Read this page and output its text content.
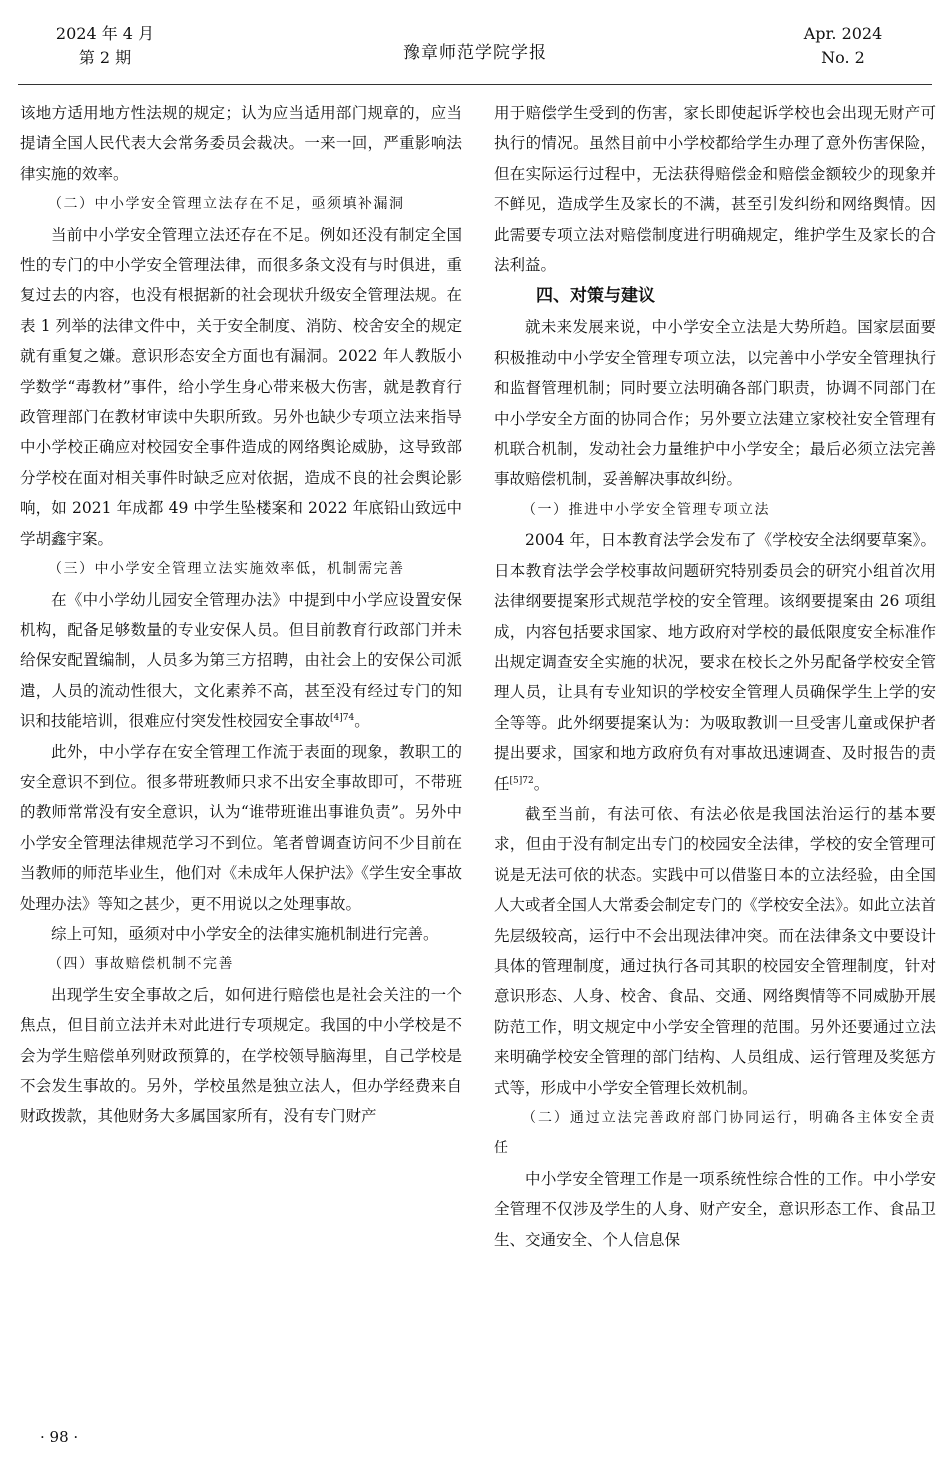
2024 年 4 月
第 2 期	豫章师范学院学报
Apr. 2024
No. 2

该地方适用地方性法规的规定；认为应当适用部门规章的，应当提请全国人民代表大会常务委员会裁决。一来一回，严重影响法律实施的效率。

（二）中小学安全管理立法存在不足，亟须填补漏洞

当前中小学安全管理立法还存在不足。例如还没有制定全国性的专门的中小学安全管理法律，而很多条文没有与时俱进，重复过去的内容，也没有根据新的社会现状升级安全管理法规。在表 1 列举的法律文件中，关于安全制度、消防、校舍安全的规定就有重复之嫌。意识形态安全方面也有漏洞。2022 年人教版小学数学“毒教材”事件，给小学生身心带来极大伤害，就是教育行政管理部门在教材审读中失职所致。另外也缺少专项立法来指导中小学校正确应对校园安全事件造成的网络舆论威胁，这导致部分学校在面对相关事件时缺乏应对依据，造成不良的社会舆论影响，如 2021 年成都 49 中学生坠楼案和 2022 年底铅山致远中学胡鑫宇案。

（三）中小学安全管理立法实施效率低，机制需完善

在《中小学幼儿园安全管理办法》中提到中小学应设置安保机构，配备足够数量的专业安保人员。但目前教育行政部门并未给保安配置编制，人员多为第三方招聘，由社会上的安保公司派遣，人员的流动性很大，文化素养不高，甚至没有经过专门的知识和技能培训，很难应付突发性校园安全事故$^{[4]74}$。

此外，中小学存在安全管理工作流于表面的现象，教职工的安全意识不到位。很多带班教师只求不出安全事故即可，不带班的教师常常没有安全意识，认为“谁带班谁出事谁负责”。另外中小学安全管理法律规范学习不到位。笔者曾调查访问不少目前在当教师的师范毕业生，他们对《未成年人保护法》《学生安全事故处理办法》等知之甚少，更不用说以之处理事故。

综上可知，亟须对中小学安全的法律实施机制进行完善。

（四）事故赔偿机制不完善

出现学生安全事故之后，如何进行赔偿也是社会关注的一个焦点，但目前立法并未对此进行专项规定。我国的中小学校是不会为学生赔偿单列财政预算的，在学校领导脑海里，自己学校是不会发生事故的。另外，学校虽然是独立法人，但办学经费来自财政拨款，其他财务大多属国家所有，没有专门财产

用于赔偿学生受到的伤害，家长即使起诉学校也会出现无财产可执行的情况。虽然目前中小学校都给学生办理了意外伤害保险，但在实际运行过程中，无法获得赔偿金和赔偿金额较少的现象并不鲜见，造成学生及家长的不满，甚至引发纠纷和网络舆情。因此需要专项立法对赔偿制度进行明确规定，维护学生及家长的合法利益。

四、对策与建议

就未来发展来说，中小学安全立法是大势所趋。国家层面要积极推动中小学安全管理专项立法，以完善中小学安全管理执行和监督管理机制；同时要立法明确各部门职责，协调不同部门在中小学安全方面的协同合作；另外要立法建立家校社安全管理有机联合机制，发动社会力量维护中小学安全；最后必须立法完善事故赔偿机制，妥善解决事故纠纷。

（一）推进中小学安全管理专项立法

2004 年，日本教育法学会发布了《学校安全法纲要草案》。日本教育法学会学校事故问题研究特别委员会的研究小组首次用法律纲要提案形式规范学校的安全管理。该纲要提案由 26 项组成，内容包括要求国家、地方政府对学校的最低限度安全标准作出规定调查安全实施的状况，要求在校长之外另配备学校安全管理人员，让具有专业知识的学校安全管理人员确保学生上学的安全等等。此外纲要提案认为：为吸取教训一旦受害儿童或保护者提出要求，国家和地方政府负有对事故迅速调查、及时报告的责任$^{[5]72}$。

截至当前，有法可依、有法必依是我国法治运行的基本要求，但由于没有制定出专门的校园安全法律，学校的安全管理可说是无法可依的状态。实践中可以借鉴日本的立法经验，由全国人大或者全国人大常委会制定专门的《学校安全法》。如此立法首先层级较高，运行中不会出现法律冲突。而在法律条文中要设计具体的管理制度，通过执行各司其职的校园安全管理制度，针对意识形态、人身、校舍、食品、交通、网络舆情等不同威胁开展防范工作，明文规定中小学安全管理的范围。另外还要通过立法来明确学校安全管理的部门结构、人员组成、运行管理及奖惩方式等，形成中小学安全管理长效机制。

（二）通过立法完善政府部门协同运行，明确各主体安全责任

中小学安全管理工作是一项系统性综合性的工作。中小学安全管理不仅涉及学生的人身、财产安全，意识形态工作、食品卫生、交通安全、个人信息保

· 98 ·
